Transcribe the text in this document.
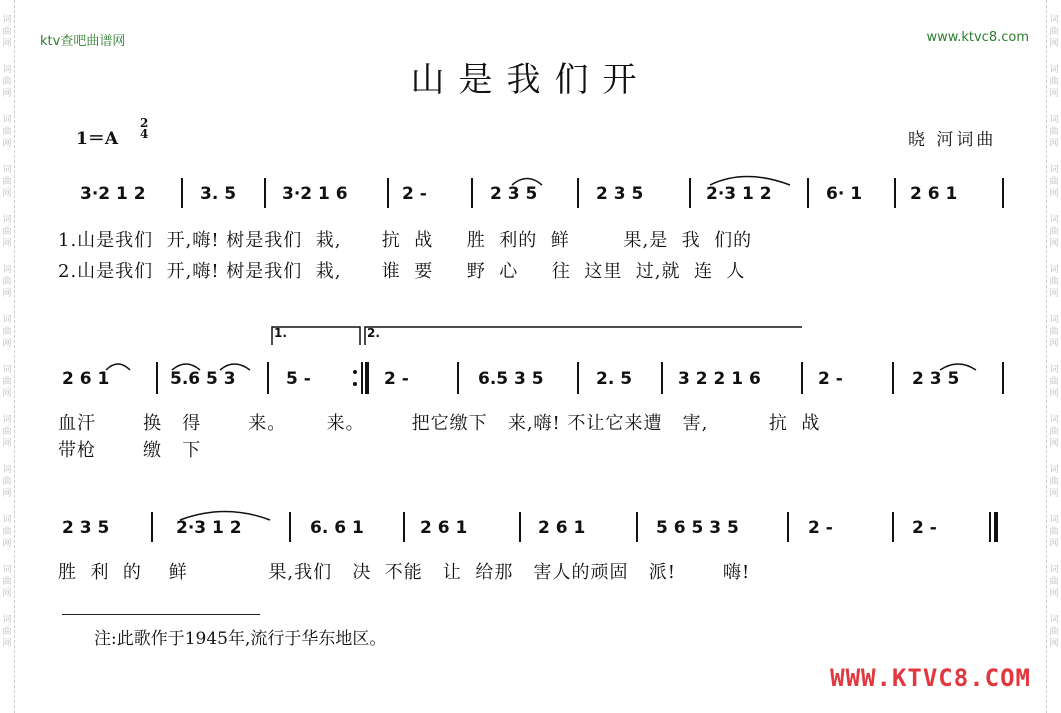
词曲网
词曲网
词曲网
词曲网
词曲网
词曲网
词曲网
词曲网
词曲网
词曲网
词曲网
词曲网
词曲网
词曲网
词曲网
词曲网
词曲网
词曲网
词曲网
词曲网
词曲网
词曲网
词曲网
词曲网
词曲网
词曲网
ktv查吧曲谱网	www.ktvc8.com
山是我们开
1＝A
2
4	晓 河词曲
3·2 1 2	3. 5	3·2 1 6	2 -	2 3 5	2 3 5	2·3 1 2	6· 1	2 6 1
1.山是我们  开,嗨! 树是我们  栽,      抗  战     胜  利的  鲜        果,是  我  们的
2.山是我们  开,嗨! 树是我们  栽,      谁  要     野  心     往  这里  过,就  连  人
1.	2.
2 6 1	5.6 5 3	5 -	2 -	6.5 3 5	2. 5	3 2 2 1 6	2 -	2 3 5
血汗       换   得       来。      来。       把它缴下   来,嗨! 不让它来遭   害,         抗  战
带枪       缴   下
2 3 5	2·3 1 2	6. 6 1	2 6 1	2 6 1	5 6 5 3 5	2 -	2 -
胜  利  的    鲜            果,我们   决  不能   让  给那   害人的顽固   派!       嗨!
注:此歌作于1945年,流行于华东地区。
WWW.KTVC8.COM
